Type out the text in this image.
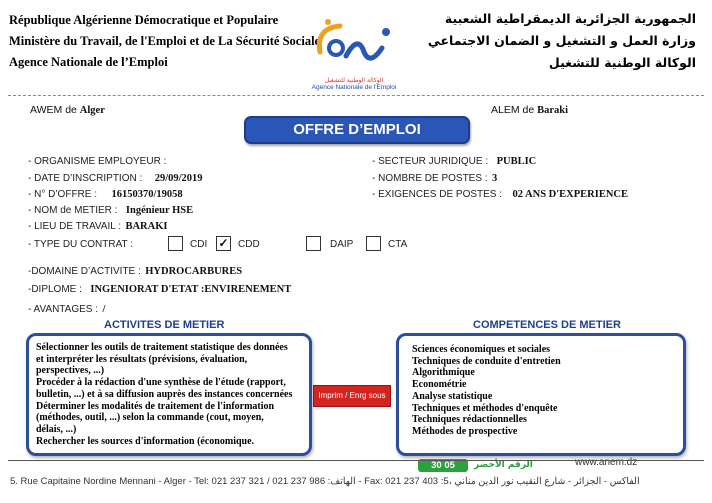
République Algérienne Démocratique et Populaire
Ministère du Travail, de l'Emploi et de La Sécurité Sociale
Agence Nationale de l’Emploi
الوكالة الوطنية للتشغيل
Agence Nationale de l'Emploi
الجمهورية الجزائرية الديمقراطية الشعبية
وزارة العمل و التشغيل و الضمان الاجتماعي
الوكالة الوطنية للتشغيل
AWEM de Alger	ALEM de Baraki
OFFRE D’EMPLOI
- ORGANISME EMPLOYEUR :
- DATE D’INSCRIPTION : 29/09/2019
- N° D’OFFRE : 16150370/19058
- NOM de METIER : Ingénieur HSE
- LIEU DE TRAVAIL : BARAKI
- SECTEUR JURIDIQUE : PUBLIC
- NOMBRE DE POSTES : 3
- EXIGENCES DE POSTES : 02 ANS D'EXPERIENCE
- TYPE DU CONTRAT :	CDI ✓ CDD	DAIP	CTA
-DOMAINE D’ACTIVITE : HYDROCARBURES
-DIPLOME : INGENIORAT D'ETAT :ENVIRENEMENT
- AVANTAGES : /
ACTIVITES DE METIER	COMPETENCES DE METIER
Sélectionner les outils de traitement statistique des données
et interpréter les résultats (prévisions, évaluation,
perspectives, ...)
Procéder à la rédaction d'une synthèse de l'étude (rapport,
bulletin, ...) et à sa diffusion auprès des instances concernées
Déterminer les modalités de traitement de l'information
(méthodes, outil, ...) selon la commande (cout, moyen,
délais, ...)
Rechercher les sources d'information (économique.
Imprim / Enrg sous
Sciences économiques et sociales
Techniques de conduite d'entretien
Algorithmique
Econométrie
Analyse statistique
Techniques et méthodes d'enquête
Techniques rédactionnelles
Méthodes de prospective
30 05	الرقم الأخضر	www.anem.dz
5. Rue Capitaine Nordine Mennani - Alger - Tel: 021 237 321 / 021 237 986 :الهاتف - Fax: 021 237 403 :الفاكس - الجزائر - شارع النقيب نور الدين مناني ،5
